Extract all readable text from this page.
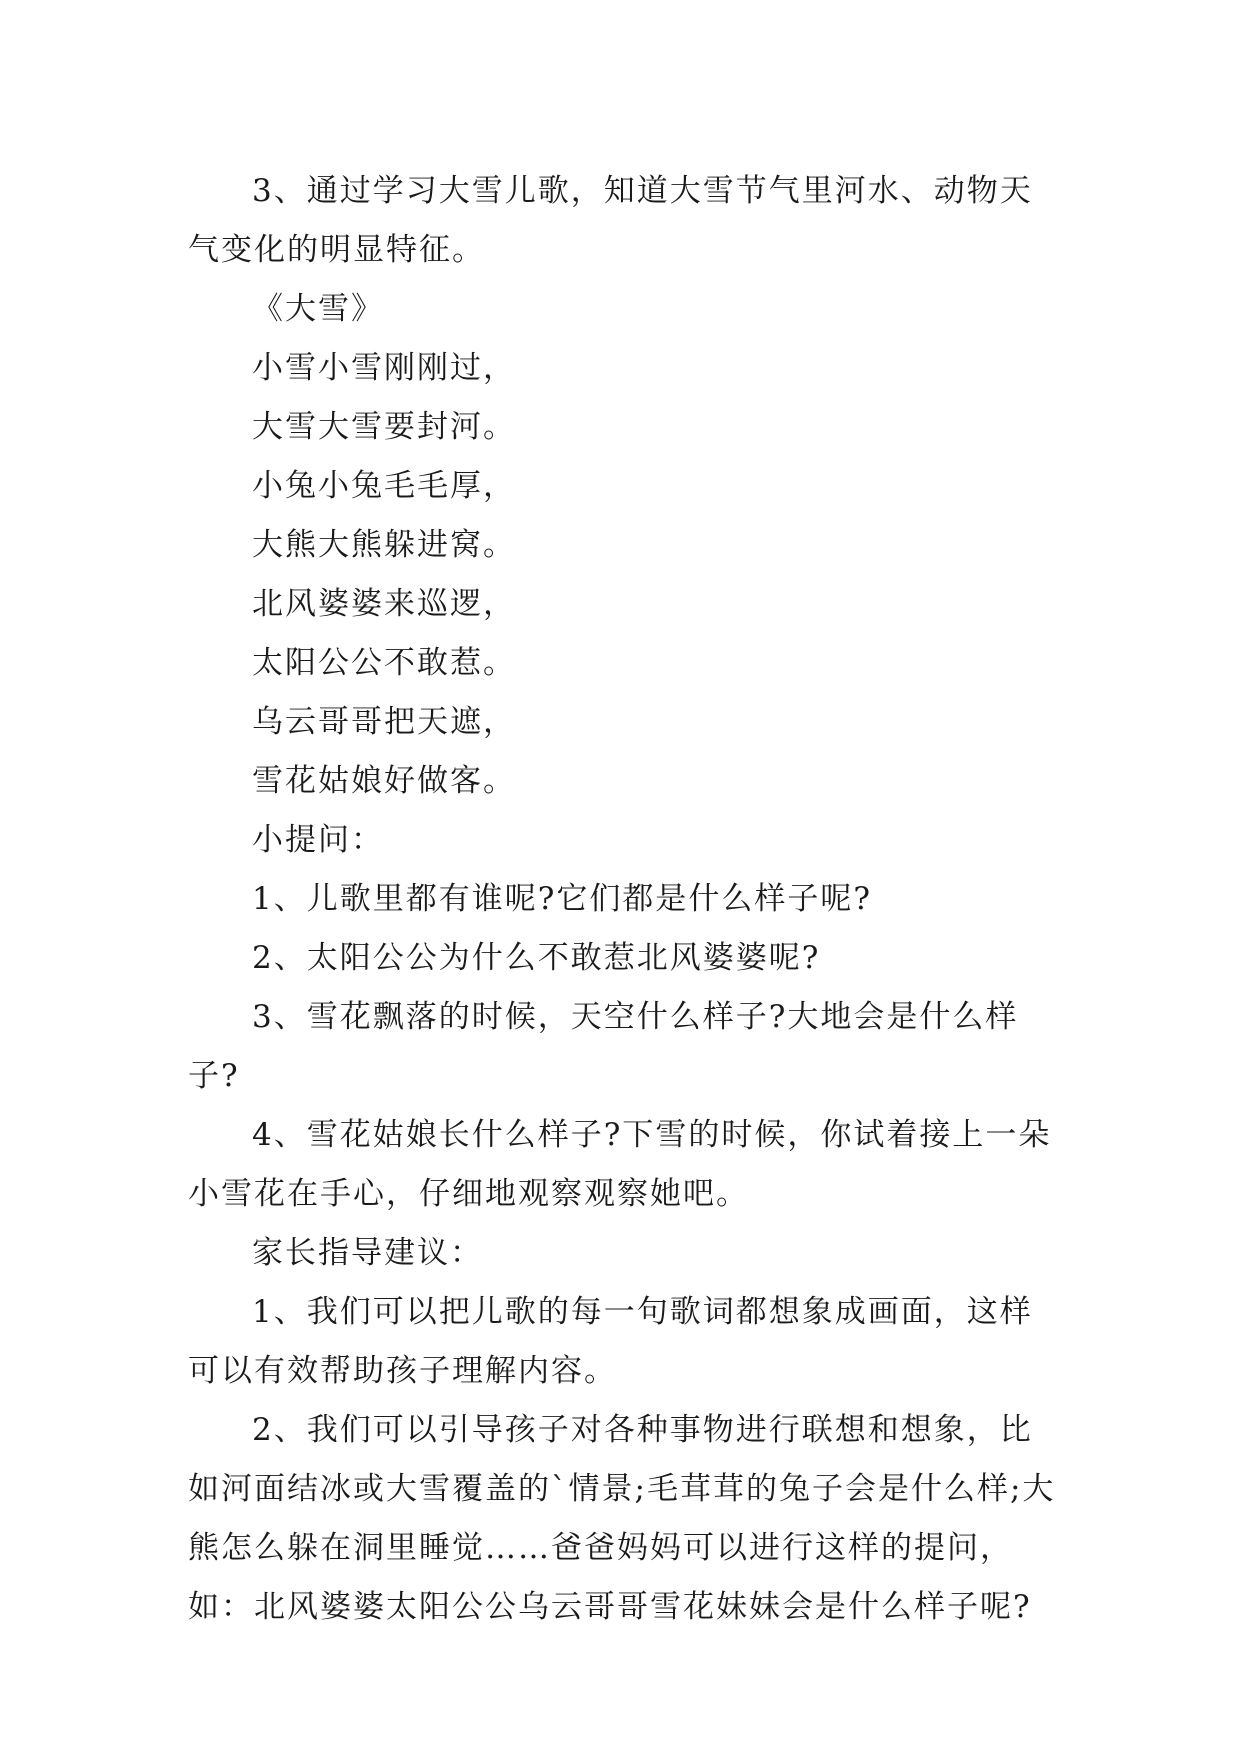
3、通过学习大雪儿歌，知道大雪节气里河水、动物天气变化的明显特征。

《大雪》

小雪小雪刚刚过，

大雪大雪要封河。

小兔小兔毛毛厚，

大熊大熊躲进窝。

北风婆婆来巡逻，

太阳公公不敢惹。

乌云哥哥把天遮，

雪花姑娘好做客。

小提问：

1、儿歌里都有谁呢?它们都是什么样子呢?

2、太阳公公为什么不敢惹北风婆婆呢?

3、雪花飘落的时候，天空什么样子?大地会是什么样子?

4、雪花姑娘长什么样子?下雪的时候，你试着接上一朵小雪花在手心，仔细地观察观察她吧。

家长指导建议：

1、我们可以把儿歌的每一句歌词都想象成画面，这样可以有效帮助孩子理解内容。

2、我们可以引导孩子对各种事物进行联想和想象，比如河面结冰或大雪覆盖的`情景;毛茸茸的兔子会是什么样;大熊怎么躲在洞里睡觉……爸爸妈妈可以进行这样的提问，如：北风婆婆太阳公公乌云哥哥雪花妹妹会是什么样子呢?
